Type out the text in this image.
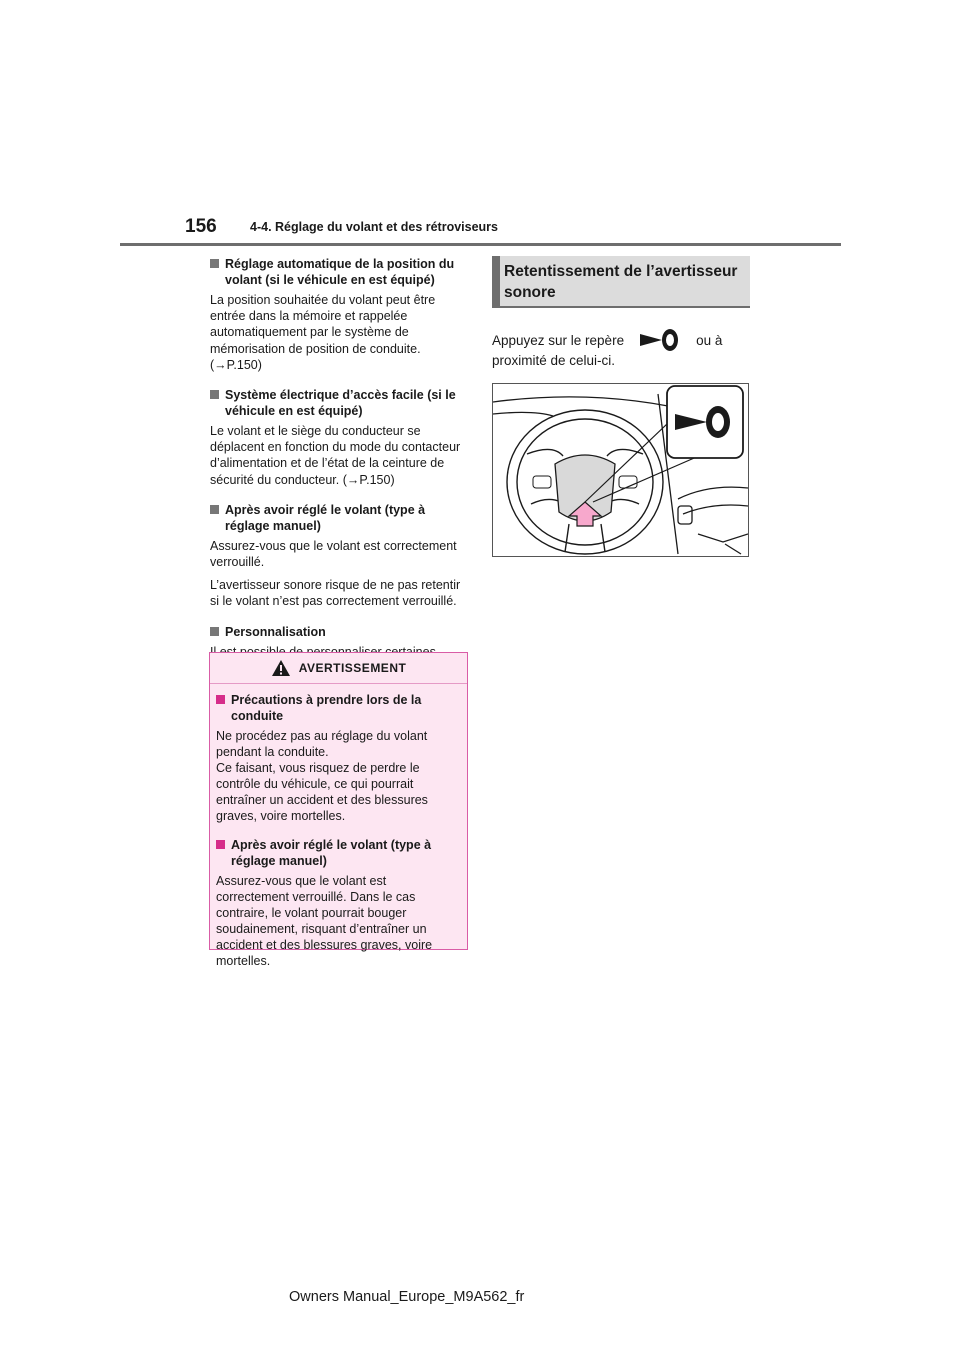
156	4-4. Réglage du volant et des rétroviseurs
Réglage automatique de la position du volant (si le véhicule en est équipé)

La position souhaitée du volant peut être entrée dans la mémoire et rappelée automatiquement par le système de mémorisation de position de conduite. (→P.150)

Système électrique d’accès facile (si le véhicule en est équipé)

Le volant et le siège du conducteur se déplacent en fonction du mode du contacteur d’alimentation et de l’état de la ceinture de sécurité du conducteur. (→P.150)

Après avoir réglé le volant (type à réglage manuel)

Assurez-vous que le volant est correctement verrouillé.

L’avertisseur sonore risque de ne pas retentir si le volant n’est pas correctement verrouillé.

Personnalisation

AVERTISSEMENT
Précautions à prendre lors de la conduite

Ne procédez pas au réglage du volant pendant la conduite.

Ce faisant, vous risquez de perdre le contrôle du véhicule, ce qui pourrait entraîner un accident et des blessures graves, voire mortelles.

Après avoir réglé le volant (type à réglage manuel)

Assurez-vous que le volant est correctement verrouillé. Dans le cas contraire, le volant pourrait bouger soudainement, risquant d’entraîner un accident et des blessures graves, voire mortelles.

Retentissement de l’avertisseur sonore
Appuyez sur le repère	ou à
proximité de celui-ci.
Owners Manual_Europe_M9A562_fr
